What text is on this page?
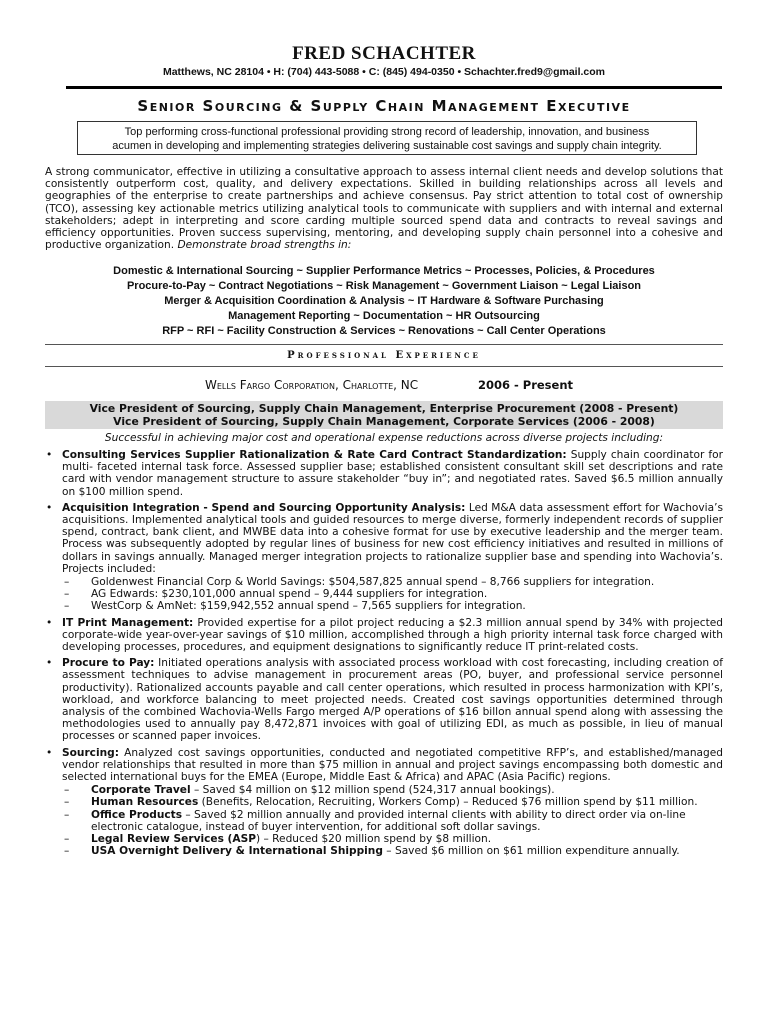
FRED SCHACHTER
Matthews, NC 28104 • H: (704) 443-5088 • C: (845) 494-0350 • Schachter.fred9@gmail.com
Senior Sourcing & Supply Chain Management Executive
Top performing cross-functional professional providing strong record of leadership, innovation, and business
acumen in developing and implementing strategies delivering sustainable cost savings and supply chain integrity.
A strong communicator, effective in utilizing a consultative approach to assess internal client needs and develop solutions that consistently outperform cost, quality, and delivery expectations. Skilled in building relationships across all levels and geographies of the enterprise to create partnerships and achieve consensus. Pay strict attention to total cost of ownership (TCO), assessing key actionable metrics utilizing analytical tools to communicate with suppliers and with internal and external stakeholders; adept in interpreting and score carding multiple sourced spend data and contracts to reveal savings and efficiency opportunities. Proven success supervising, mentoring, and developing supply chain personnel into a cohesive and productive organization. Demonstrate broad strengths in:
Domestic & International Sourcing ~ Supplier Performance Metrics ~ Processes, Policies, & Procedures
Procure-to-Pay ~ Contract Negotiations ~ Risk Management ~ Government Liaison ~ Legal Liaison
Merger & Acquisition Coordination & Analysis ~ IT Hardware & Software Purchasing
Management Reporting ~ Documentation ~ HR Outsourcing
RFP ~ RFI ~ Facility Construction & Services ~ Renovations ~ Call Center Operations
Professional Experience
Wells Fargo Corporation, Charlotte, NC	2006 - Present
Vice President of Sourcing, Supply Chain Management, Enterprise Procurement (2008 - Present)
Vice President of Sourcing, Supply Chain Management, Corporate Services (2006 - 2008)
Successful in achieving major cost and operational expense reductions across diverse projects including:
• Consulting Services Supplier Rationalization & Rate Card Contract Standardization: Supply chain coordinator for multi- faceted internal task force. Assessed supplier base; established consistent consultant skill set descriptions and rate card with vendor management structure to assure stakeholder “buy in”; and negotiated rates. Saved $6.5 million annually on $100 million spend.
• Acquisition Integration - Spend and Sourcing Opportunity Analysis: Led M&A data assessment effort for Wachovia’s acquisitions. Implemented analytical tools and guided resources to merge diverse, formerly independent records of supplier spend, contract, bank client, and MWBE data into a cohesive format for use by executive leadership and the merger team. Process was subsequently adopted by regular lines of business for new cost efficiency initiatives and resulted in millions of dollars in savings annually. Managed merger integration projects to rationalize supplier base and spending into Wachovia’s. Projects included:
– Goldenwest Financial Corp & World Savings: $504,587,825 annual spend – 8,766 suppliers for integration.
– AG Edwards: $230,101,000 annual spend – 9,444 suppliers for integration.
– WestCorp & AmNet: $159,942,552 annual spend – 7,565 suppliers for integration.
• IT Print Management: Provided expertise for a pilot project reducing a $2.3 million annual spend by 34% with projected corporate-wide year-over-year savings of $10 million, accomplished through a high priority internal task force charged with developing processes, procedures, and equipment designations to significantly reduce IT print-related costs.
• Procure to Pay: Initiated operations analysis with associated process workload with cost forecasting, including creation of assessment techniques to advise management in procurement areas (PO, buyer, and professional service personnel productivity). Rationalized accounts payable and call center operations, which resulted in process harmonization with KPI’s, workload, and workforce balancing to meet projected needs. Created cost savings opportunities determined through analysis of the combined Wachovia-Wells Fargo merged A/P operations of $16 billon annual spend along with assessing the methodologies used to annually pay 8,472,871 invoices with goal of utilizing EDI, as much as possible, in lieu of manual processes or scanned paper invoices.
• Sourcing: Analyzed cost savings opportunities, conducted and negotiated competitive RFP’s, and established/managed vendor relationships that resulted in more than $75 million in annual and project savings encompassing both domestic and selected international buys for the EMEA (Europe, Middle East & Africa) and APAC (Asia Pacific) regions.
– Corporate Travel – Saved $4 million on $12 million spend (524,317 annual bookings).
– Human Resources (Benefits, Relocation, Recruiting, Workers Comp) – Reduced $76 million spend by $11 million.
– Office Products – Saved $2 million annually and provided internal clients with ability to direct order via on-line electronic catalogue, instead of buyer intervention, for additional soft dollar savings.
– Legal Review Services (ASP) – Reduced $20 million spend by $8 million.
– USA Overnight Delivery & International Shipping – Saved $6 million on $61 million expenditure annually.
